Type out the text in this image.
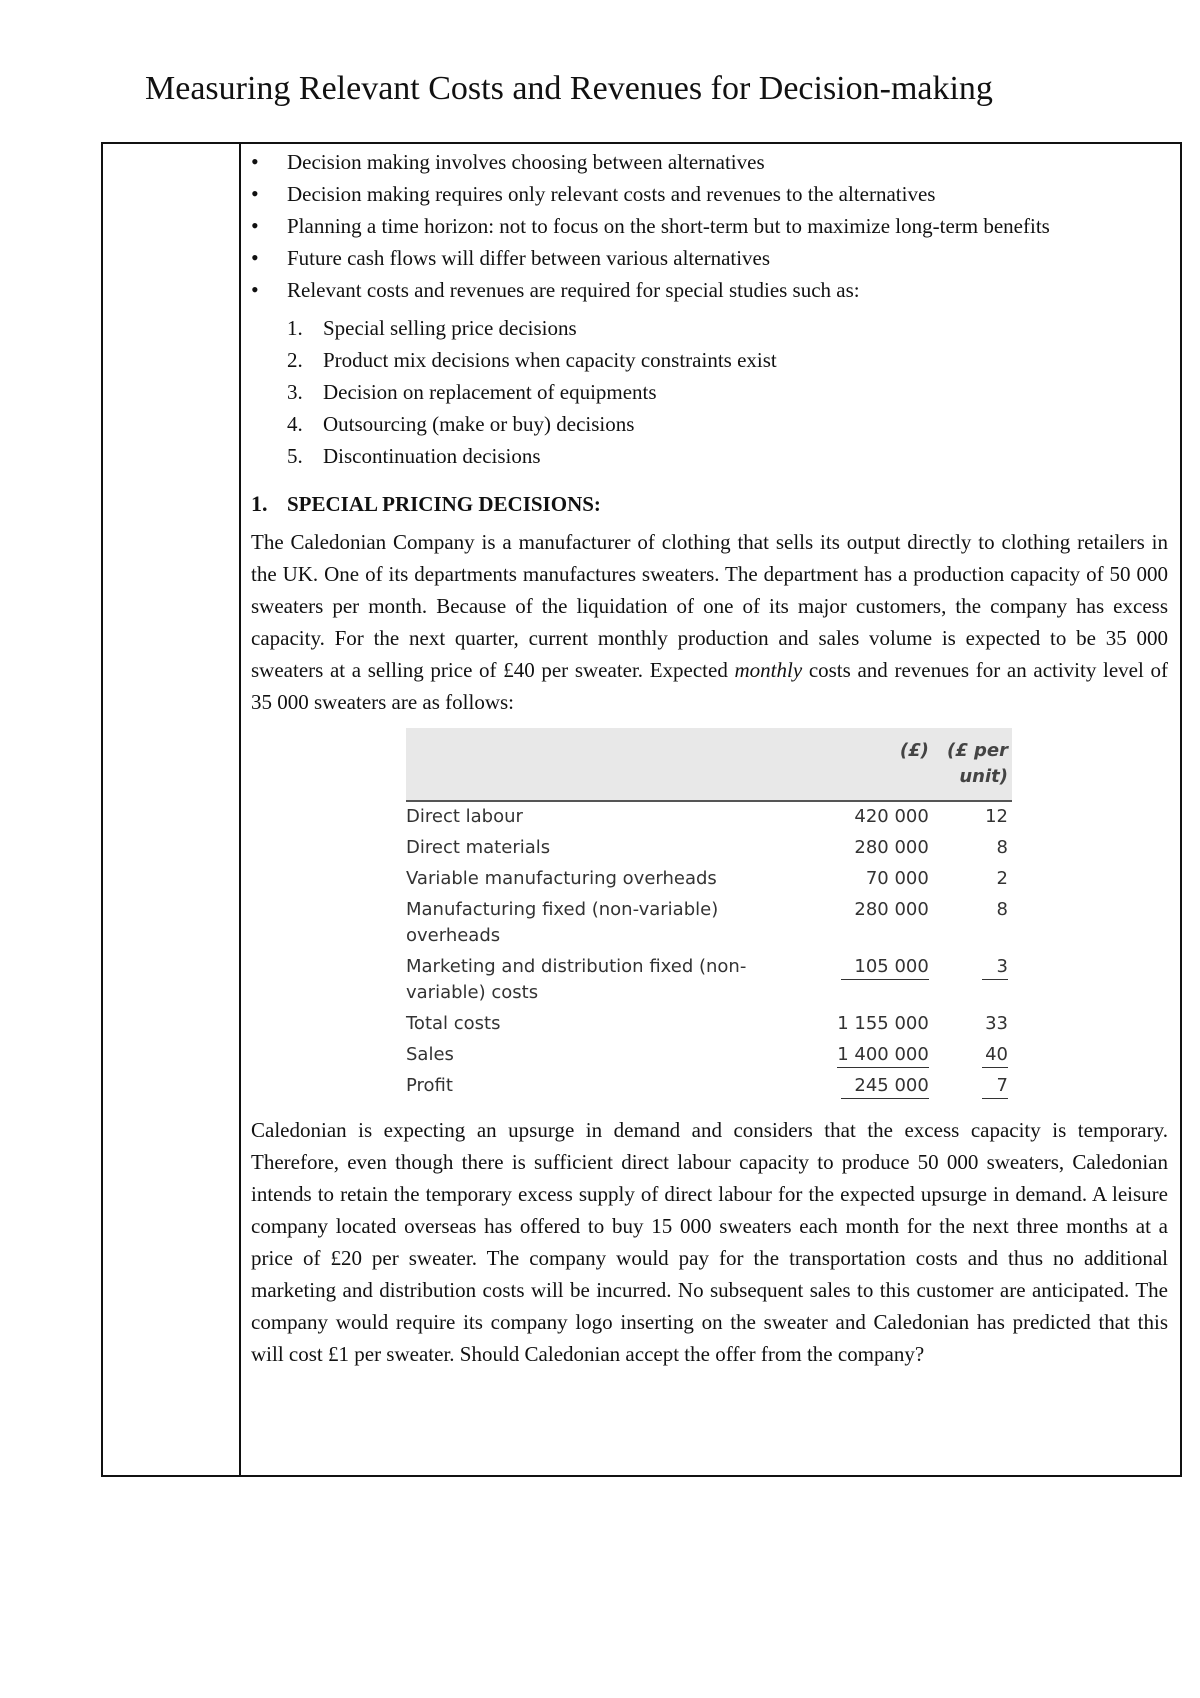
Measuring Relevant Costs and Revenues for Decision-making
• Decision making involves choosing between alternatives
• Decision making requires only relevant costs and revenues to the alternatives
• Planning a time horizon: not to focus on the short-term but to maximize long-term benefits
• Future cash flows will differ between various alternatives
• Relevant costs and revenues are required for special studies such as:
1. Special selling price decisions
2. Product mix decisions when capacity constraints exist
3. Decision on replacement of equipments
4. Outsourcing (make or buy) decisions
5. Discontinuation decisions
1. SPECIAL PRICING DECISIONS:

The Caledonian Company is a manufacturer of clothing that sells its output directly to clothing retailers in the UK. One of its departments manufactures sweaters. The department has a production capacity of 50 000 sweaters per month. Because of the liquidation of one of its major customers, the company has excess capacity. For the next quarter, current monthly production and sales volume is expected to be 35 000 sweaters at a selling price of £40 per sweater. Expected monthly costs and revenues for an activity level of 35 000 sweaters are as follows:

	(£)	(£ per
unit)
Direct labour	420 000	12
Direct materials	280 000	8
Variable manufacturing overheads	70 000	2
Manufacturing fixed (non-variable) overheads	280 000	8
Marketing and distribution fixed (non-variable) costs	105 000	3
Total costs	1 155 000	33
Sales	1 400 000	40
Profit	245 000	7

Caledonian is expecting an upsurge in demand and considers that the excess capacity is temporary. Therefore, even though there is sufficient direct labour capacity to produce 50 000 sweaters, Caledonian intends to retain the temporary excess supply of direct labour for the expected upsurge in demand. A leisure company located overseas has offered to buy 15 000 sweaters each month for the next three months at a price of £20 per sweater. The company would pay for the transportation costs and thus no additional marketing and distribution costs will be incurred. No subsequent sales to this customer are anticipated. The company would require its company logo inserting on the sweater and Caledonian has predicted that this will cost £1 per sweater. Should Caledonian accept the offer from the company?
